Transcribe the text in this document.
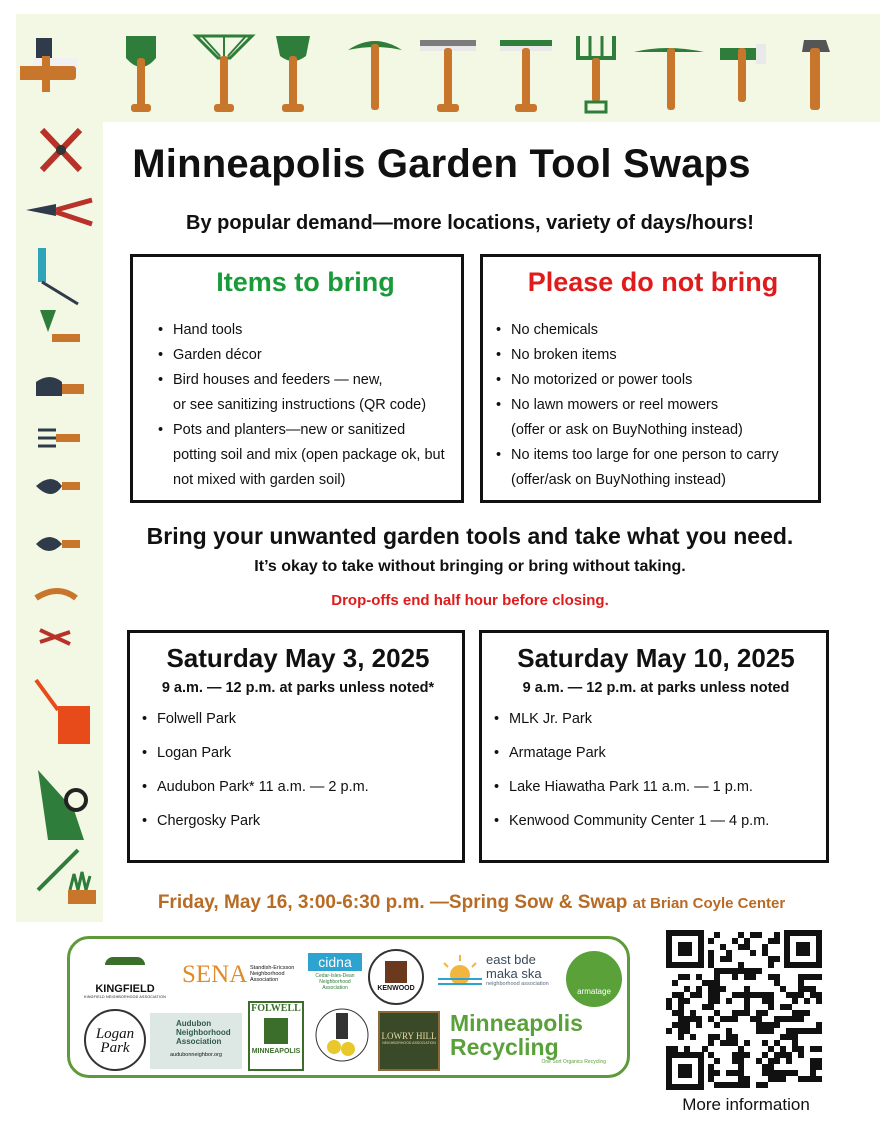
Minneapolis Garden Tool Swaps
By popular demand—more locations, variety of days/hours!
Items to bring
• Hand tools
• Garden décor
• Bird houses and feeders — new,
or see sanitizing instructions (QR code)
• Pots and planters—new or sanitized
potting soil and mix (open package ok, but
not mixed with garden soil)
Please do not bring
• No chemicals
• No broken items
• No motorized or power tools
• No lawn mowers or reel mowers
(offer or ask on BuyNothing instead)
• No items too large for one person to carry
(offer/ask on BuyNothing instead)
Bring your unwanted garden tools and take what you need.
It’s okay to take without bringing or bring without taking.
Drop-offs end half hour before closing.
Saturday May 3, 2025
9 a.m. — 12 p.m. at parks unless noted*
• Folwell Park
• Logan Park
• Audubon Park* 11 a.m. — 2 p.m.
• Chergosky Park
Saturday May 10, 2025
9 a.m. — 12 p.m. at parks unless noted
• MLK Jr. Park
• Armatage Park
• Lake Hiawatha Park 11 a.m. — 1 p.m.
• Kenwood Community Center 1 — 4 p.m.
Friday, May 16, 3:00-6:30 p.m. —Spring Sow & Swap at Brian Coyle Center
KINGFIELD
KINGFIELD NEIGHBORHOOD ASSOCIATION
SENA Standish-Ericsson Neighborhood Association
cidna
Cedar-Isles-Dean Neighborhood Association	KENWOOD
east bde maka ska
neighborhood association
armatage
Logan Park
Audubon Neighborhood Association
audubonneighbor.org
FOLWELL
MINNEAPOLIS
LOWRY HILL
NEIGHBORHOOD ASSOCIATION
Minneapolis Recycling
One Sort Organics Recycling
More information
